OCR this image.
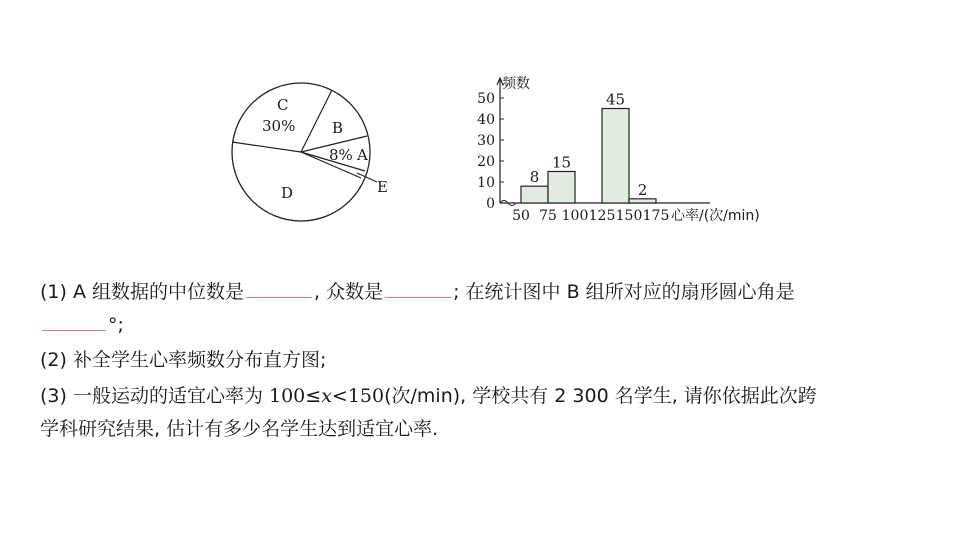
C
30% B
8% A
E
D
0
10
20
30
40
50
频数
50 75 100 125 150 175 心率/(次/min)
8
15
45
2
(1) A 组数据的中位数是	, 众数是	; 在统计图中 B 组所对应的扇形圆心角是
°;
(2) 补全学生心率频数分布直方图;
(3) 一般运动的适宜心率为 100≤x<150(次/min), 学校共有 2 300 名学生, 请你依据此次跨
学科研究结果, 估计有多少名学生达到适宜心率.
